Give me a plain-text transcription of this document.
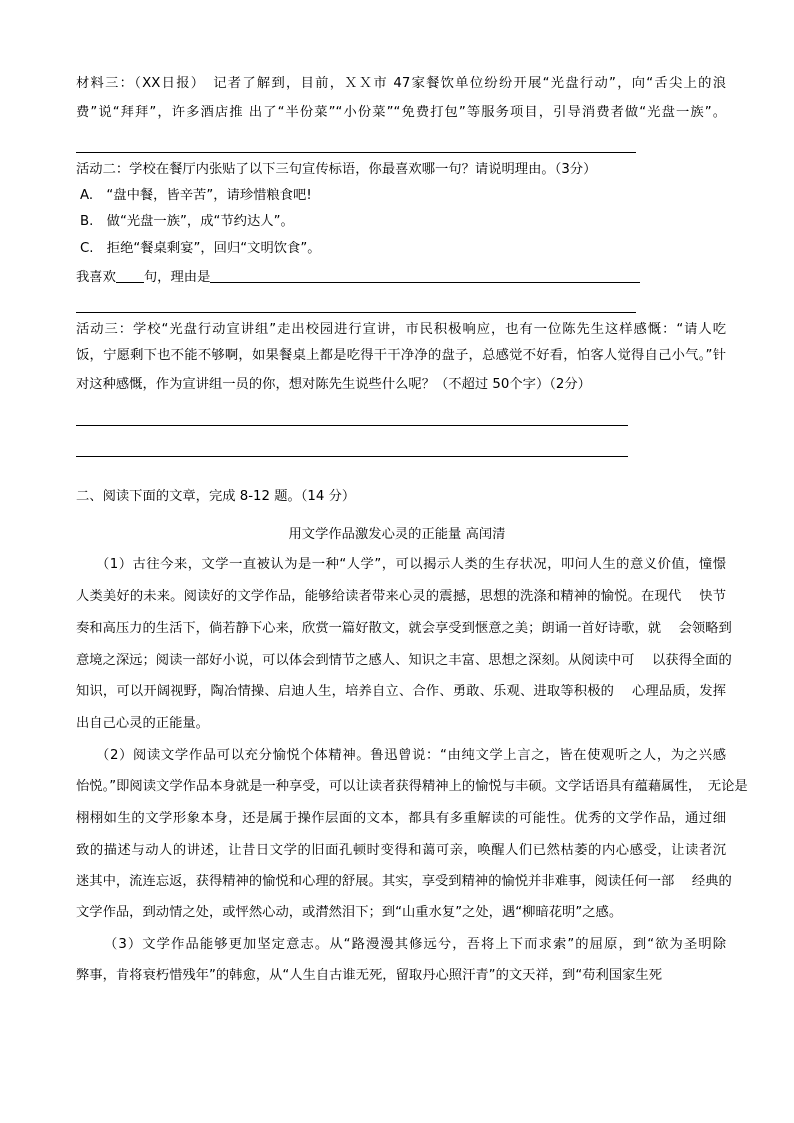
材料三：（XX日报）　记者了解到，目前，ＸＸ市 47家餐饮单位纷纷开展“光盘行动”，向“舌尖上的浪
费”说“拜拜”，许多酒店推 出了“半份菜”“小份菜”“免费打包”等服务项目，引导消费者做“光盘一族”。
活动二：学校在餐厅内张贴了以下三句宣传标语，你最喜欢哪一句？请说明理由。（3分）
A.　“盘中餐，皆辛苦”，请珍惜粮食吧!
B.　做“光盘一族”，成“节约达人”。
C.　拒绝“餐桌剩宴”，回归“文明饮食”。
我喜欢 句，理由是
活动三：学校“光盘行动宣讲组”走出校园进行宣讲，市民积极响应，也有一位陈先生这样感慨：“请人吃
饭，宁愿剩下也不能不够啊，如果餐桌上都是吃得干干净净的盘子，总感觉不好看，怕客人觉得自己小气。”针
对这种感慨，作为宣讲组一员的你，想对陈先生说些什么呢？（不超过 50个字）（2分）
二、阅读下面的文章，完成 8-12 题。（14 分）
用文学作品激发心灵的正能量 高闰清
（1）古往今来，文学一直被认为是一种“人学”，可以揭示人类的生存状况，叩问人生的意义价值，憧憬
人类美好的未来。阅读好的文学作品，能够给读者带来心灵的震撼，思想的洗涤和精神的愉悦。在现代　 快节
奏和高压力的生活下，倘若静下心来，欣赏一篇好散文，就会享受到惬意之美；朗诵一首好诗歌，就　 会领略到
意境之深远；阅读一部好小说，可以体会到情节之感人、知识之丰富、思想之深刻。从阅读中可　 以获得全面的
知识，可以开阔视野，陶冶情操、启迪人生，培养自立、合作、勇敢、乐观、进取等积极的　 心理品质，发挥
出自己心灵的正能量。
（2）阅读文学作品可以充分愉悦个体精神。鲁迅曾说：“由纯文学上言之，皆在使观听之人，为之兴感
怡悦。”即阅读文学作品本身就是一种享受，可以让读者获得精神上的愉悦与丰硕。文学话语具有蕴藉属性，　无论是
栩栩如生的文学形象本身，还是属于操作层面的文本，都具有多重解读的可能性。优秀的文学作品，通过细
致的描述与动人的讲述，让昔日文学的旧面孔顿时变得和蔼可亲，唤醒人们已然枯萎的内心感受，让读者沉
迷其中，流连忘返，获得精神的愉悦和心理的舒展。其实，享受到精神的愉悦并非难事，阅读任何一部　 经典的
文学作品，到动情之处，或怦然心动，或潸然泪下；到“山重水复”之处，遇“柳暗花明”之感。
（3）文学作品能够更加坚定意志。从“路漫漫其修远兮，吾将上下而求索”的屈原，到“欲为圣明除
弊事，肯将衰朽惜残年”的韩愈，从“人生自古谁无死，留取丹心照汗青”的文天祥，到“苟利国家生死
